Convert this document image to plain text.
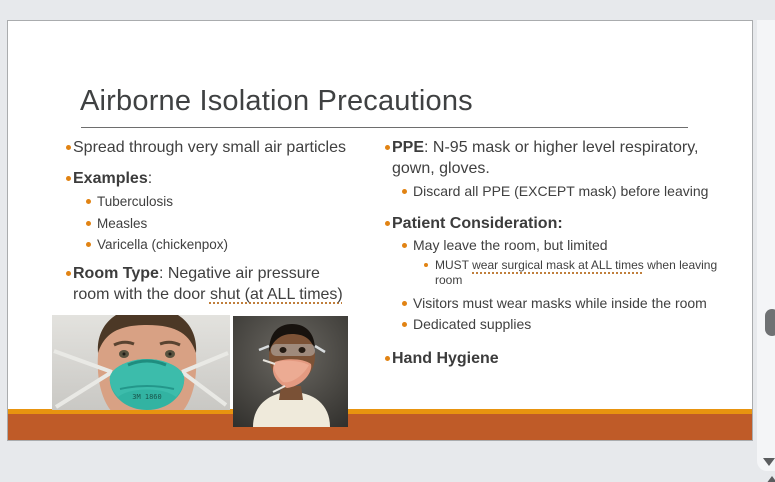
Airborne Isolation Precautions
Spread through very small air particles
Examples:
Tuberculosis
Measles
Varicella (chickenpox)
Room Type: Negative air pressure
room with the door shut (at ALL times)
PPE: N-95 mask or higher level respiratory,
gown, gloves.
Discard all PPE (EXCEPT mask) before leaving
Patient Consideration:
May leave the room, but limited
MUST wear surgical mask at ALL times when leaving
room
Visitors must wear masks while inside the room
Dedicated supplies
Hand Hygiene
3M 1860
